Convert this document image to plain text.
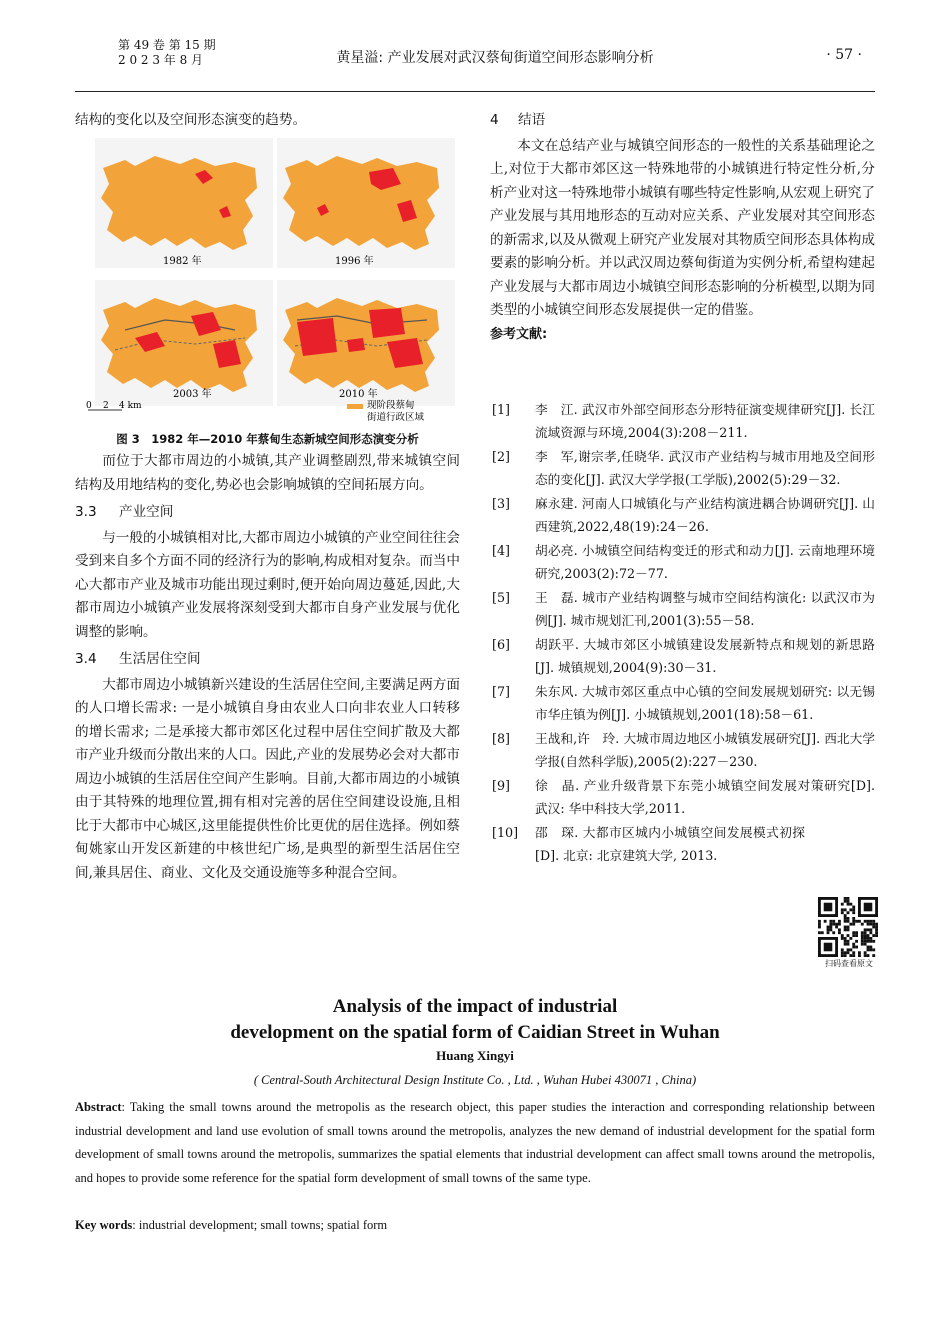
第 49 卷 第 15 期
2 0 2 3 年 8 月	黄星溢: 产业发展对武汉蔡甸街道空间形态影响分析	· 57 ·

结构的变化以及空间形态演变的趋势。

1982 年	1996 年
2003 年	2010 年
0 2 4 km	现阶段蔡甸
街道行政区域
图 3　1982 年—2010 年蔡甸生态新城空间形态演变分析

而位于大都市周边的小城镇,其产业调整剧烈,带来城镇空间结构及用地结构的变化,势必也会影响城镇的空间拓展方向。

3.3 产业空间

与一般的小城镇相对比,大都市周边小城镇的产业空间往往会受到来自多个方面不同的经济行为的影响,构成相对复杂。而当中心大都市产业及城市功能出现过剩时,便开始向周边蔓延,因此,大都市周边小城镇产业发展将深刻受到大都市自身产业发展与优化调整的影响。

3.4 生活居住空间

大都市周边小城镇新兴建设的生活居住空间,主要满足两方面的人口增长需求: 一是小城镇自身由农业人口向非农业人口转移的增长需求; 二是承接大都市郊区化过程中居住空间扩散及大都市产业升级而分散出来的人口。因此,产业的发展势必会对大都市周边小城镇的生活居住空间产生影响。目前,大都市周边的小城镇由于其特殊的地理位置,拥有相对完善的居住空间建设设施,且相比于大都市中心城区,这里能提供性价比更优的居住选择。例如蔡甸姚家山开发区新建的中核世纪广场,是典型的新型生活居住空间,兼具居住、商业、文化及交通设施等多种混合空间。

4 结语

本文在总结产业与城镇空间形态的一般性的关系基础理论之上,对位于大都市郊区这一特殊地带的小城镇进行特定性分析,分析产业对这一特殊地带小城镇有哪些特定性影响,从宏观上研究了产业发展与其用地形态的互动对应关系、产业发展对其空间形态的新需求,以及从微观上研究产业发展对其物质空间形态具体构成要素的影响分析。并以武汉周边蔡甸街道为实例分析,希望构建起产业发展与大都市周边小城镇空间形态影响的分析模型,以期为同类型的小城镇空间形态发展提供一定的借鉴。

参考文献:
[1] 李　江. 武汉市外部空间形态分形特征演变规律研究[J]. 长江流域资源与环境,2004(3):208－211.
[2] 李　军,谢宗孝,任晓华. 武汉市产业结构与城市用地及空间形态的变化[J]. 武汉大学学报(工学版),2002(5):29－32.
[3] 麻永建. 河南人口城镇化与产业结构演进耦合协调研究[J]. 山西建筑,2022,48(19):24－26.
[4] 胡必亮. 小城镇空间结构变迁的形式和动力[J]. 云南地理环境研究,2003(2):72－77.
[5] 王　磊. 城市产业结构调整与城市空间结构演化: 以武汉市为例[J]. 城市规划汇刊,2001(3):55－58.
[6] 胡跃平. 大城市郊区小城镇建设发展新特点和规划的新思路[J]. 城镇规划,2004(9):30－31.
[7] 朱东风. 大城市郊区重点中心镇的空间发展规划研究: 以无锡市华庄镇为例[J]. 小城镇规划,2001(18):58－61.
[8] 王战和,许　玲. 大城市周边地区小城镇发展研究[J]. 西北大学学报(自然科学版),2005(2):227－230.
[9] 徐　晶. 产业升级背景下东莞小城镇空间发展对策研究[D]. 武汉: 华中科技大学,2011.
[10] 邵　琛. 大都市区城内小城镇空间发展模式初探[D]. 北京: 北京建筑大学, 2013.
扫码查看原文
Analysis of the impact of industrial
development on the spatial form of Caidian Street in Wuhan
Huang Xingyi
( Central-South Architectural Design Institute Co. , Ltd. , Wuhan Hubei 430071 , China)
Abstract: Taking the small towns around the metropolis as the research object, this paper studies the interaction and corresponding relationship between industrial development and land use evolution of small towns around the metropolis, analyzes the new demand of industrial development for the spatial form development of small towns around the metropolis, summarizes the spatial elements that industrial development can affect small towns around the metropolis, and hopes to provide some reference for the spatial form development of small towns of the same type.
Key words: industrial development; small towns; spatial form
